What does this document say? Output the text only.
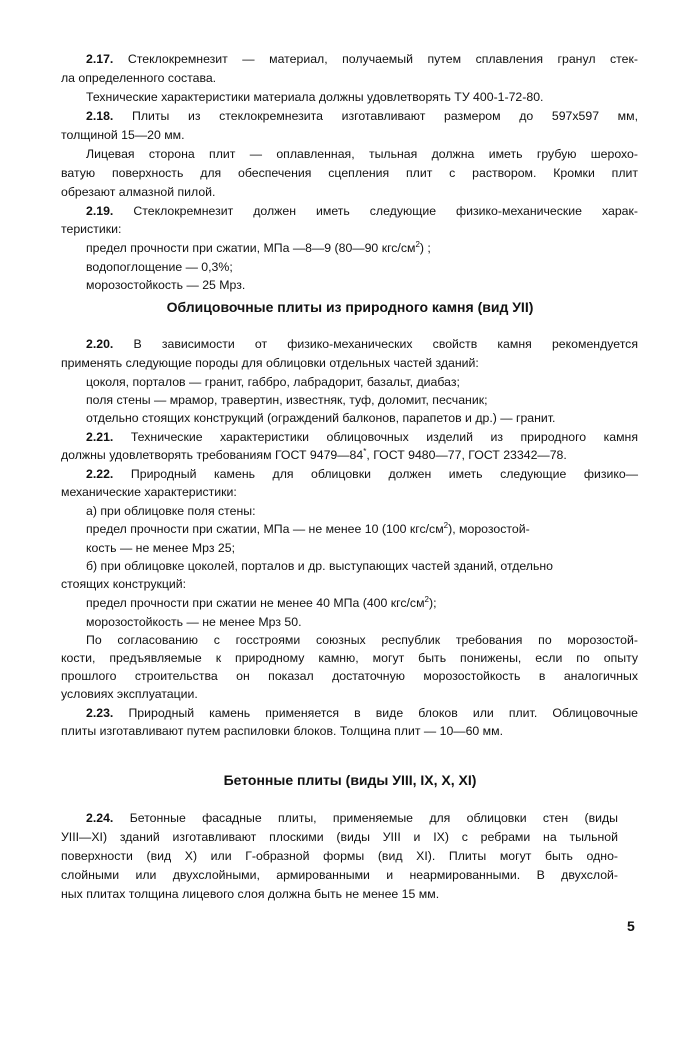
2.17. Стеклокремнезит — материал, получаемый путем сплавления гранул стек-
ла определенного состава.
Технические характеристики материала должны удовлетворять ТУ 400-1-72-80.
2.18. Плиты из стеклокремнезита изготавливают размером до 597х597 мм,
толщиной 15—20 мм.
Лицевая сторона плит — оплавленная, тыльная должна иметь грубую шерохо-
ватую поверхность для обеспечения сцепления плит с раствором. Кромки плит
обрезают алмазной пилой.
2.19. Стеклокремнезит должен иметь следующие физико-механические харак-
теристики:
предел прочности при сжатии, МПа —8—9 (80—90 кгс/$см^2$) ;
водопоглощение — 0,3%;
морозостойкость — 25 Мрз.
Облицовочные плиты из природного камня (вид УII)
2.20. В зависимости от физико-механических свойств камня рекомендуется
применять следующие породы для облицовки отдельных частей зданий:
цоколя, порталов — гранит, габбро, лабрадорит, базальт, диабаз;
поля стены — мрамор, травертин, известняк, туф, доломит, песчаник;
отдельно стоящих конструкций (ограждений балконов, парапетов и др.) — гранит.
2.21. Технические характеристики облицовочных изделий из природного камня
должны удовлетворять требованиям ГОСТ 9479—84*, ГОСТ 9480—77, ГОСТ 23342—78.
2.22. Природный камень для облицовки должен иметь следующие физико—
механические характеристики:
а) при облицовке поля стены:
предел прочности при сжатии, МПа — не менее 10 (100 кгс/$см^2$), морозостой-
кость — не менее Мрз 25;
б) при облицовке цоколей, порталов и др. выступающих частей зданий, отдельно
стоящих конструкций:
предел прочности при сжатии не менее 40 МПа (400 кгс/$см^2$);
морозостойкость — не менее Мрз 50.
По согласованию с госстроями союзных республик требования по морозостой-
кости, предъявляемые к природному камню, могут быть понижены, если по опыту
прошлого строительства он показал достаточную морозостойкость в аналогичных
условиях эксплуатации.
2.23. Природный камень применяется в виде блоков или плит. Облицовочные
плиты изготавливают путем распиловки блоков. Толщина плит — 10—60 мм.
Бетонные плиты (виды УIII, IX, X, XI)
2.24. Бетонные фасадные плиты, применяемые для облицовки стен (виды
УIII—XI) зданий изготавливают плоскими (виды УIII и IX) с ребрами на тыльной
поверхности (вид X) или Г-образной формы (вид XI). Плиты могут быть одно-
слойными или двухслойными, армированными и неармированными. В двухслой-
ных плитах толщина лицевого слоя должна быть не менее 15 мм.
5
